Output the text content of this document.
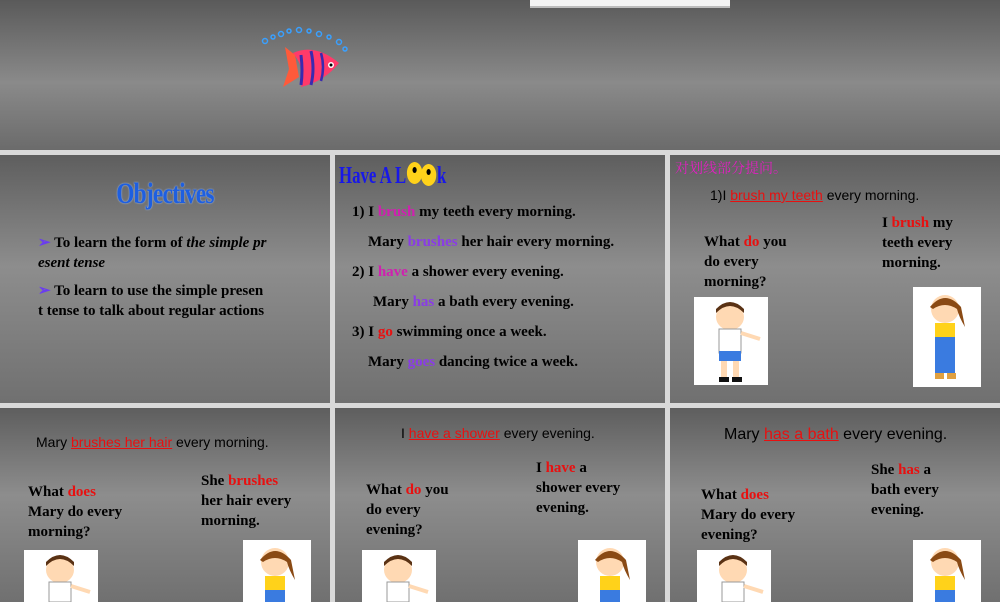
Objectives
➢ To learn the form of the simple pr
esent tense
➢ To learn to use the simple presen
t tense to talk about regular actions
Have A L k
1) I brush my teeth every morning.
Mary brushes her hair every morning.
2) I have a shower every evening.
Mary has a bath every evening.
3) I go swimming once a week.
Mary goes dancing twice a week.
对划线部分提问。
1)I brush my teeth every morning.
What do you
do every
morning?
I brush my
teeth every
morning.
Mary brushes her hair every morning.
What does
Mary do every
morning?
She brushes
her hair every
morning.
I have a shower every evening.
What do you
do every
evening?
I have a
shower every
evening.
Mary has a bath every evening.
What does
Mary do every
evening?
She has a
bath every
evening.
